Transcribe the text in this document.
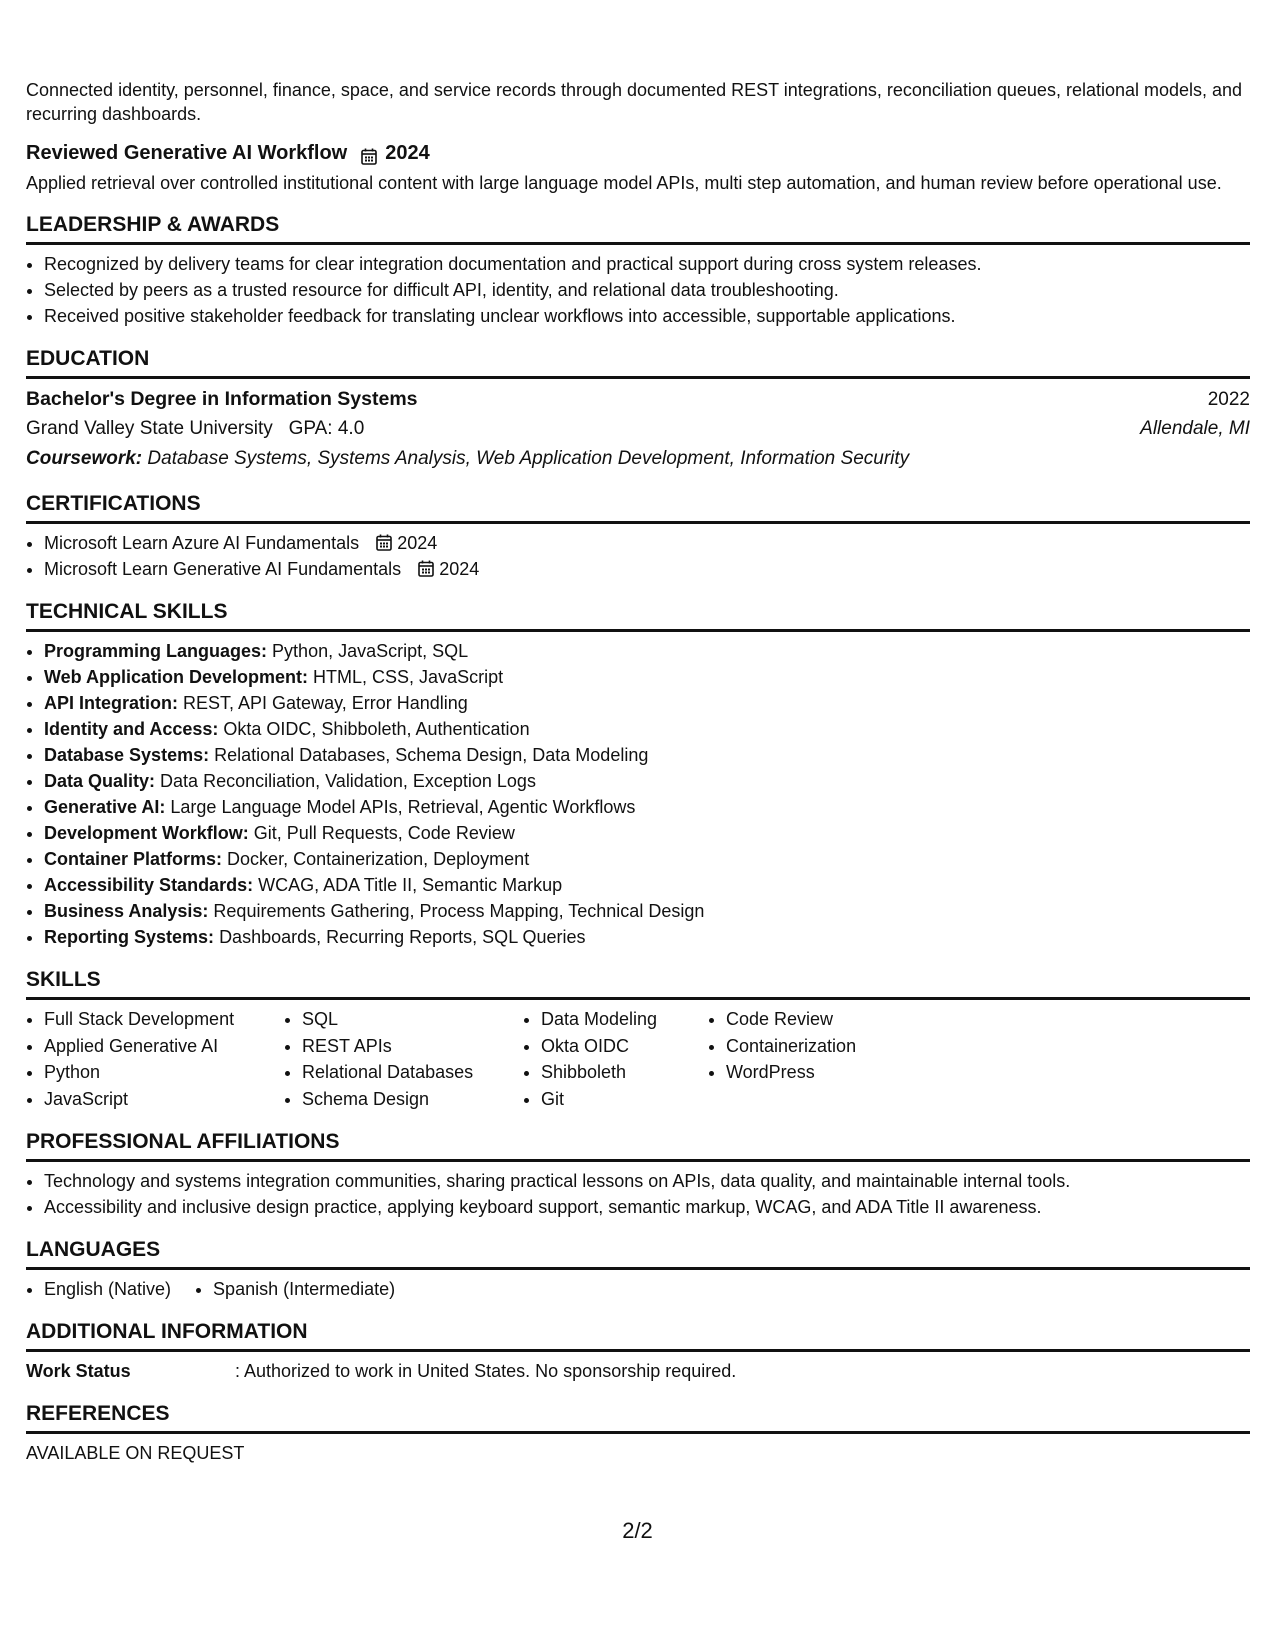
Connected identity, personnel, finance, space, and service records through documented REST integrations, reconciliation queues, relational models, and recurring dashboards.

Reviewed Generative AI Workflow 2024

Applied retrieval over controlled institutional content with large language model APIs, multi step automation, and human review before operational use.

LEADERSHIP & AWARDS
• Recognized by delivery teams for clear integration documentation and practical support during cross system releases.
• Selected by peers as a trusted resource for difficult API, identity, and relational data troubleshooting.
• Received positive stakeholder feedback for translating unclear workflows into accessible, supportable applications.
EDUCATION
Bachelor's Degree in Information Systems	2022
Grand Valley State University GPA: 4.0	Allendale, MI
Coursework: Database Systems, Systems Analysis, Web Application Development, Information Security
CERTIFICATIONS
• Microsoft Learn Azure AI Fundamentals 2024
• Microsoft Learn Generative AI Fundamentals 2024
TECHNICAL SKILLS
• Programming Languages: Python, JavaScript, SQL
• Web Application Development: HTML, CSS, JavaScript
• API Integration: REST, API Gateway, Error Handling
• Identity and Access: Okta OIDC, Shibboleth, Authentication
• Database Systems: Relational Databases, Schema Design, Data Modeling
• Data Quality: Data Reconciliation, Validation, Exception Logs
• Generative AI: Large Language Model APIs, Retrieval, Agentic Workflows
• Development Workflow: Git, Pull Requests, Code Review
• Container Platforms: Docker, Containerization, Deployment
• Accessibility Standards: WCAG, ADA Title II, Semantic Markup
• Business Analysis: Requirements Gathering, Process Mapping, Technical Design
• Reporting Systems: Dashboards, Recurring Reports, SQL Queries
SKILLS
• Full Stack Development
• Applied Generative AI
• Python
• JavaScript
• SQL
• REST APIs
• Relational Databases
• Schema Design
• Data Modeling
• Okta OIDC
• Shibboleth
• Git
• Code Review
• Containerization
• WordPress
PROFESSIONAL AFFILIATIONS
• Technology and systems integration communities, sharing practical lessons on APIs, data quality, and maintainable internal tools.
• Accessibility and inclusive design practice, applying keyboard support, semantic markup, WCAG, and ADA Title II awareness.
LANGUAGES
• English (Native)
• Spanish (Intermediate)
ADDITIONAL INFORMATION
Work Status	: Authorized to work in United States. No sponsorship required.
REFERENCES
AVAILABLE ON REQUEST
2/2
